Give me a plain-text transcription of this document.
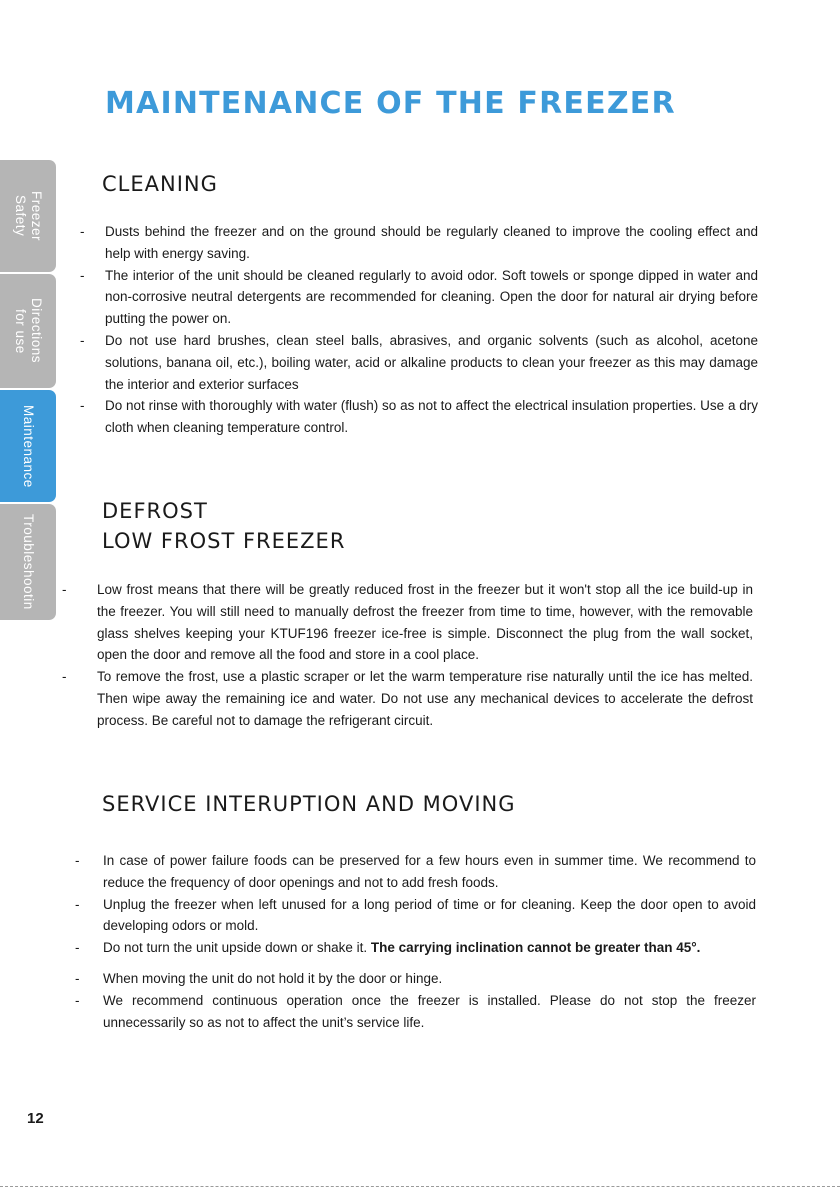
MAINTENANCE OF THE FREEZER
Freezer
Safety
Directions
for use
Maintenance
Troubleshootin
CLEANING
- Dusts behind the freezer and on the ground should be regularly cleaned to improve the cooling effect and help with energy saving.
- The interior of the unit should be cleaned regularly to avoid odor. Soft towels or sponge dipped in water and non-corrosive neutral detergents are recommended for cleaning. Open the door for natural air drying before putting the power on.
- Do not use hard brushes, clean steel balls, abrasives, and organic solvents (such as alcohol, acetone solutions, banana oil, etc.), boiling water, acid or alkaline products to clean your freezer as this may damage the interior and exterior surfaces
- Do not rinse with thoroughly with water (flush) so as not to affect the electrical insulation properties. Use a dry cloth when cleaning temperature control.
DEFROST
LOW FROST FREEZER
- Low frost means that there will be greatly reduced frost in the freezer but it won't stop all the ice build-up in the freezer. You will still need to manually defrost the freezer from time to time, however, with the removable glass shelves keeping your KTUF196 freezer ice-free is simple. Disconnect the plug from the wall socket, open the door and remove all the food and store in a cool place.
- To remove the frost, use a plastic scraper or let the warm temperature rise naturally until the ice has melted. Then wipe away the remaining ice and water. Do not use any mechanical devices to accelerate the defrost process. Be careful not to damage the refrigerant circuit.
SERVICE INTERUPTION AND MOVING
- In case of power failure foods can be preserved for a few hours even in summer time. We recommend to reduce the frequency of door openings and not to add fresh foods.
- Unplug the freezer when left unused for a long period of time or for cleaning. Keep the door open to avoid developing odors or mold.
- Do not turn the unit upside down or shake it. The carrying inclination cannot be greater than 45°.
- When moving the unit do not hold it by the door or hinge.
- We recommend continuous operation once the freezer is installed. Please do not stop the freezer unnecessarily so as not to affect the unit’s service life.
12
